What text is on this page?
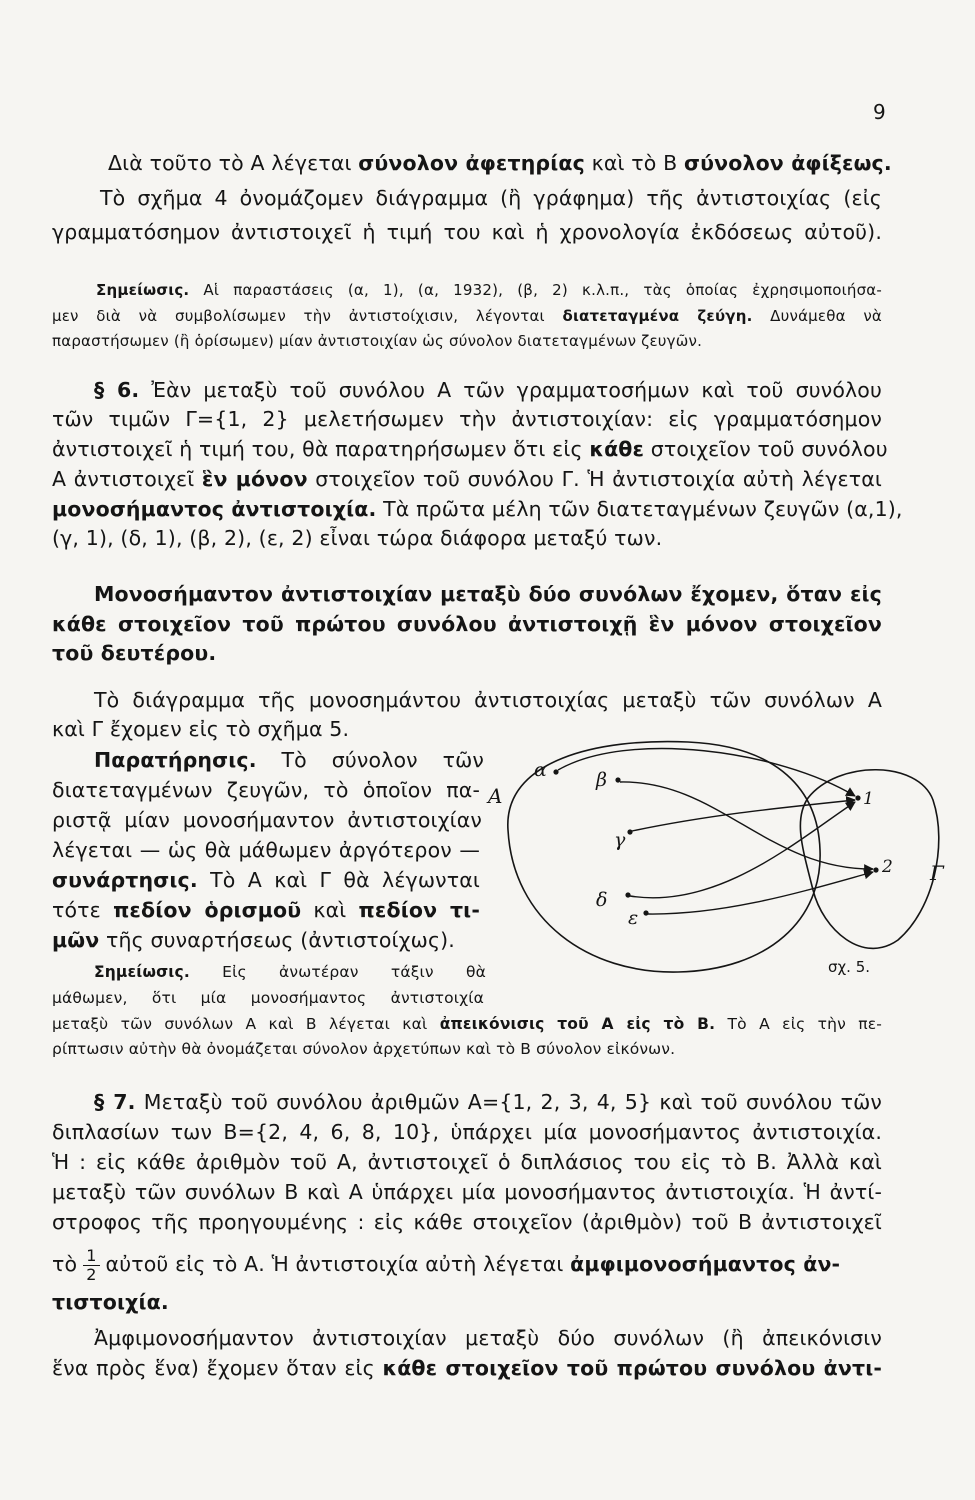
9
Διὰ τοῦτο τὸ Α λέγεται σύνολον ἀφετηρίας καὶ τὸ Β σύνολον ἀφίξεως.
Τὸ σχῆμα 4 ὀνομάζομεν διάγραμμα (ἢ γράφημα) τῆς ἀντιστοιχίας (εἰς
γραμματόσημον ἀντιστοιχεῖ ἡ τιμή του καὶ ἡ χρονολογία ἐκδόσεως αὐτοῦ).
Σημείωσις. Αἱ παραστάσεις (α, 1), (α, 1932), (β, 2) κ.λ.π., τὰς ὁποίας ἐχρησιμοποιήσα-
μεν διὰ νὰ συμβολίσωμεν τὴν ἀντιστοίχισιν, λέγονται διατεταγμένα ζεύγη. Δυνάμεθα νὰ
παραστήσωμεν (ἢ ὁρίσωμεν) μίαν ἀντιστοιχίαν ὡς σύνολον διατεταγμένων ζευγῶν.
§ 6. Ἐὰν μεταξὺ τοῦ συνόλου Α τῶν γραμματοσήμων καὶ τοῦ συνόλου
τῶν τιμῶν Γ={1, 2} μελετήσωμεν τὴν ἀντιστοιχίαν: εἰς γραμματόσημον
ἀντιστοιχεῖ ἡ τιμή του, θὰ παρατηρήσωμεν ὅτι εἰς κάθε στοιχεῖον τοῦ συνόλου
Α ἀντιστοιχεῖ ἓν μόνον στοιχεῖον τοῦ συνόλου Γ. Ἡ ἀντιστοιχία αὐτὴ λέγεται
μονοσήμαντος ἀντιστοιχία. Τὰ πρῶτα μέλη τῶν διατεταγμένων ζευγῶν (α,1),
(γ, 1), (δ, 1), (β, 2), (ε, 2) εἶναι τώρα διάφορα μεταξύ των.
Μονοσήμαντον ἀντιστοιχίαν μεταξὺ δύο συνόλων ἔχομεν, ὅταν εἰς
κάθε στοιχεῖον τοῦ πρώτου συνόλου ἀντιστοιχῇ ἓν μόνον στοιχεῖον
τοῦ δευτέρου.
Τὸ διάγραμμα τῆς μονοσημάντου ἀντιστοιχίας μεταξὺ τῶν συνόλων Α
καὶ Γ ἔχομεν εἰς τὸ σχῆμα 5.
Παρατήρησις. Τὸ σύνολον τῶν
διατεταγμένων ζευγῶν, τὸ ὁποῖον πα-
ριστᾷ μίαν μονοσήμαντον ἀντιστοιχίαν
λέγεται — ὡς θὰ μάθωμεν ἀργότερον —
συνάρτησις. Τὸ Α καὶ Γ θὰ λέγωνται
τότε πεδίον ὁρισμοῦ καὶ πεδίον τι-
μῶν τῆς συναρτήσεως (ἀντιστοίχως).
Σημείωσις. Εἰς ἀνωτέραν τάξιν θὰ
μάθωμεν, ὅτι μία μονοσήμαντος ἀντιστοιχία
μεταξὺ τῶν συνόλων Α καὶ Β λέγεται καὶ ἀπεικόνισις τοῦ Α εἰς τὸ Β. Τὸ Α εἰς τὴν πε-
ρίπτωσιν αὐτὴν θὰ ὀνομάζεται σύνολον ἀρχετύπων καὶ τὸ Β σύνολον εἰκόνων.
Α
Γ
α	β
γ
δ
ε
1
2
σχ. 5.
§ 7. Μεταξὺ τοῦ συνόλου ἀριθμῶν Α={1, 2, 3, 4, 5} καὶ τοῦ συνόλου τῶν
διπλασίων των Β={2, 4, 6, 8, 10}, ὑπάρχει μία μονοσήμαντος ἀντιστοιχία.
Ἡ : εἰς κάθε ἀριθμὸν τοῦ Α, ἀντιστοιχεῖ ὁ διπλάσιος του εἰς τὸ Β. Ἀλλὰ καὶ
μεταξὺ τῶν συνόλων Β καὶ Α ὑπάρχει μία μονοσήμαντος ἀντιστοιχία. Ἡ ἀντί-
στροφος τῆς προηγουμένης : εἰς κάθε στοιχεῖον (ἀριθμὸν) τοῦ Β ἀντιστοιχεῖ
τὸ $\frac{1}{2}$ αὐτοῦ εἰς τὸ Α. Ἡ ἀντιστοιχία αὐτὴ λέγεται ἀμφιμονοσήμαντος ἀν-
τιστοιχία.
Ἀμφιμονοσήμαντον ἀντιστοιχίαν μεταξὺ δύο συνόλων (ἢ ἀπεικόνισιν
ἕνα πρὸς ἕνα) ἔχομεν ὅταν εἰς κάθε στοιχεῖον τοῦ πρώτου συνόλου ἀντι-
